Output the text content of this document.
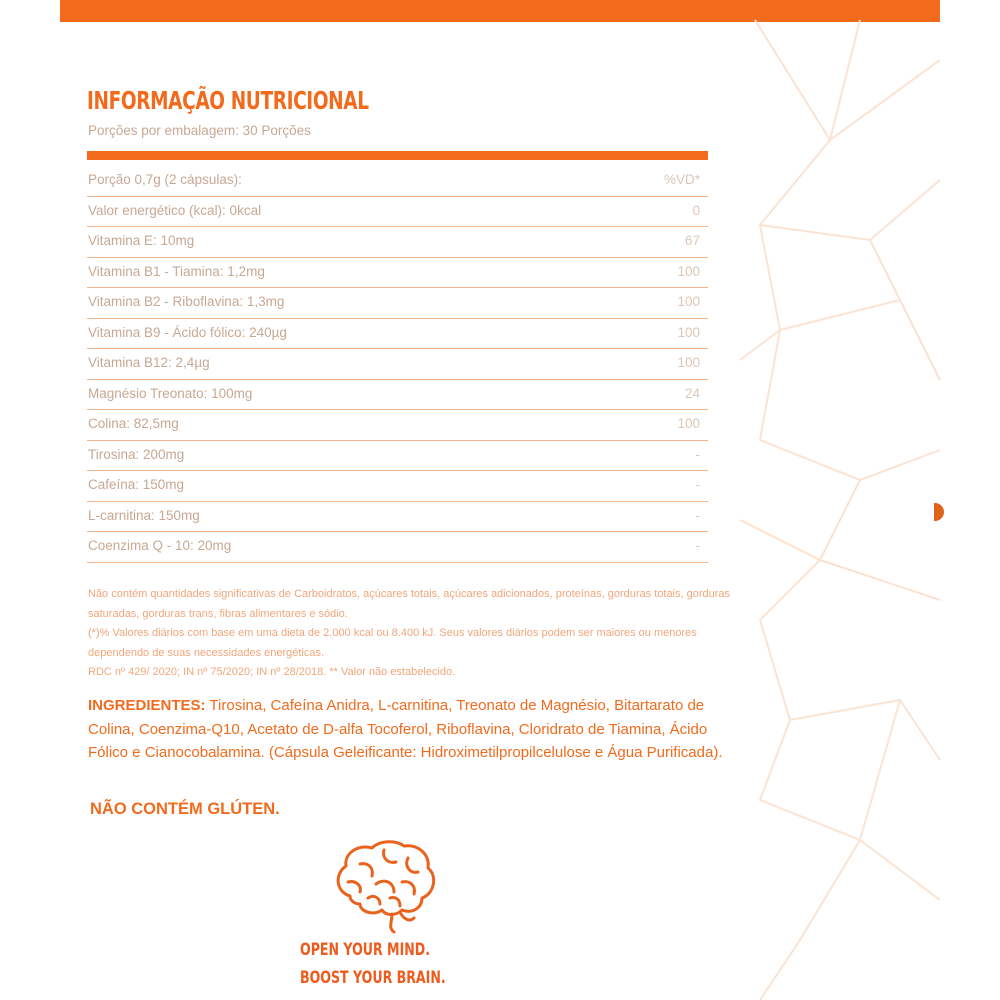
INFORMAÇÃO NUTRICIONAL
Porções por embalagem: 30 Porções
Porção 0,7g (2 cápsulas):	%VD*
Valor energético (kcal): 0kcal	0
Vitamina E: 10mg	67
Vitamina B1 - Tiamina: 1,2mg	100
Vitamina B2 - Riboflavina: 1,3mg	100
Vitamina B9 - Ácido fólico: 240µg	100
Vitamina B12: 2,4µg	100
Magnésio Treonato: 100mg	24
Colina: 82,5mg	100
Tirosina: 200mg	-
Cafeína: 150mg	-
L-carnitina: 150mg	-
Coenzima Q - 10: 20mg	-

Não contém quantidades significativas de Carboidratos, açúcares totais, açúcares adicionados, proteínas, gorduras totais, gorduras saturadas, gorduras trans, fibras alimentares e sódio.

(*)% Valores diários com base em uma dieta de 2.000 kcal ou 8.400 kJ. Seus valores diários podem ser maiores ou menores dependendo de suas necessidades energéticas.

RDC nº 429/ 2020; IN nº 75/2020; IN nº 28/2018. ** Valor não estabelecido.

INGREDIENTES: Tirosina, Cafeína Anidra, L-carnitina, Treonato de Magnésio, Bitartarato de Colina, Coenzima-Q10, Acetato de D-alfa Tocoferol, Riboflavina, Cloridrato de Tiamina, Ácido Fólico e Cianocobalamina. (Cápsula Geleificante: Hidroximetilpropilcelulose e Água Purificada).
NÃO CONTÉM GLÚTEN.
OPEN YOUR MIND.
BOOST YOUR BRAIN.
